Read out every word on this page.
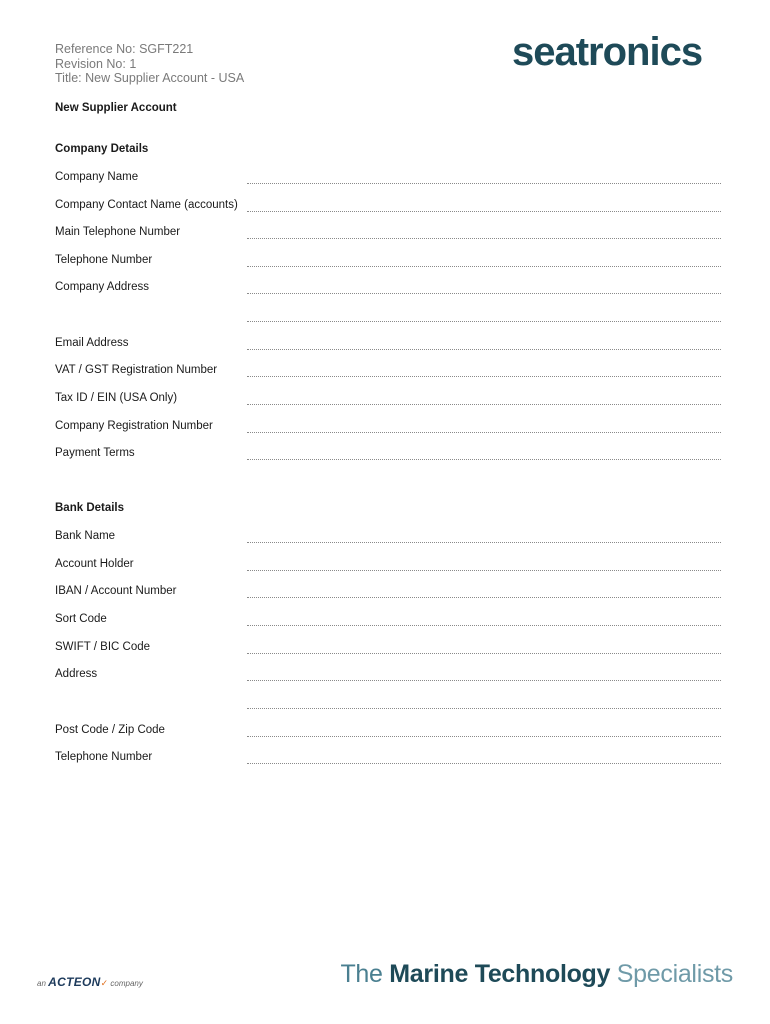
Reference No: SGFT221
Revision No: 1
Title: New Supplier Account - USA
seatronics
New Supplier Account
Company Details
Company Name
Company Contact Name (accounts)
Main Telephone Number
Telephone Number
Company Address
Email Address
VAT / GST Registration Number
Tax ID / EIN (USA Only)
Company Registration Number
Payment Terms
Bank Details
Bank Name
Account Holder
IBAN / Account Number
Sort Code
SWIFT / BIC Code
Address
Post Code / Zip Code
Telephone Number
an ACTEON✓ company	The Marine Technology Specialists
